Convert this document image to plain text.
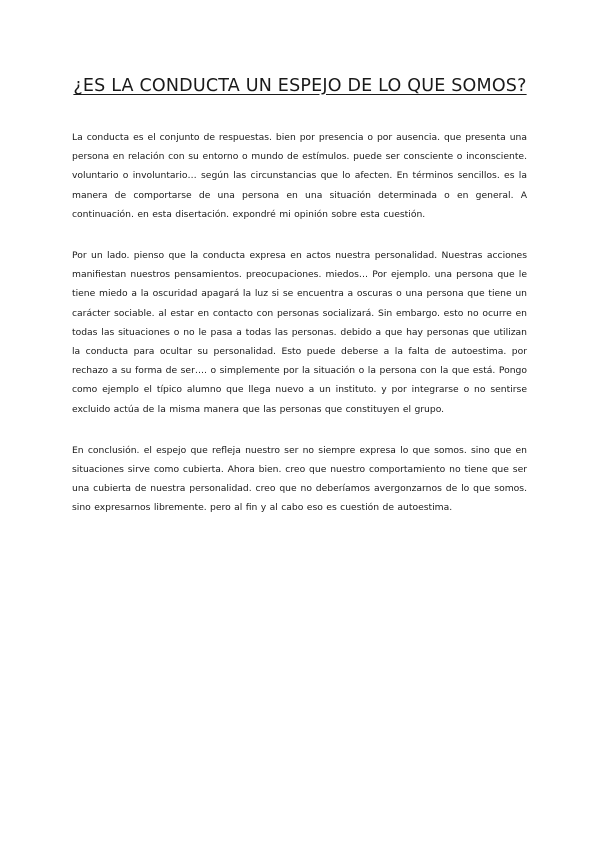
¿ES LA CONDUCTA UN ESPEJO DE LO QUE SOMOS?

La conducta es el conjunto de respuestas. bien por presencia o por ausencia. que presenta una persona en relación con su entorno o mundo de estímulos. puede ser consciente o inconsciente. voluntario o involuntario… según las circunstancias que lo afecten. En términos sencillos. es la manera de comportarse de una persona en una situación determinada o en general. A continuación. en esta disertación. expondré mi opinión sobre esta cuestión.

Por un lado. pienso que la conducta expresa en actos nuestra personalidad. Nuestras acciones manifiestan nuestros pensamientos. preocupaciones. miedos… Por ejemplo. una persona que le tiene miedo a la oscuridad apagará la luz si se encuentra a oscuras o una persona que tiene un carácter sociable. al estar en contacto con personas socializará. Sin embargo. esto no ocurre en todas las situaciones o no le pasa a todas las personas. debido a que hay personas que utilizan la conducta para ocultar su personalidad. Esto puede deberse a la falta de autoestima. por rechazo a su forma de ser…. o simplemente por la situación o la persona con la que está. Pongo como ejemplo el típico alumno que llega nuevo a un instituto. y por integrarse o no sentirse excluido actúa de la misma manera que las personas que constituyen el grupo.

En conclusión. el espejo que refleja nuestro ser no siempre expresa lo que somos. sino que en situaciones sirve como cubierta. Ahora bien. creo que nuestro comportamiento no tiene que ser una cubierta de nuestra personalidad. creo que no deberíamos avergonzarnos de lo que somos. sino expresarnos libremente. pero al fin y al cabo eso es cuestión de autoestima.
